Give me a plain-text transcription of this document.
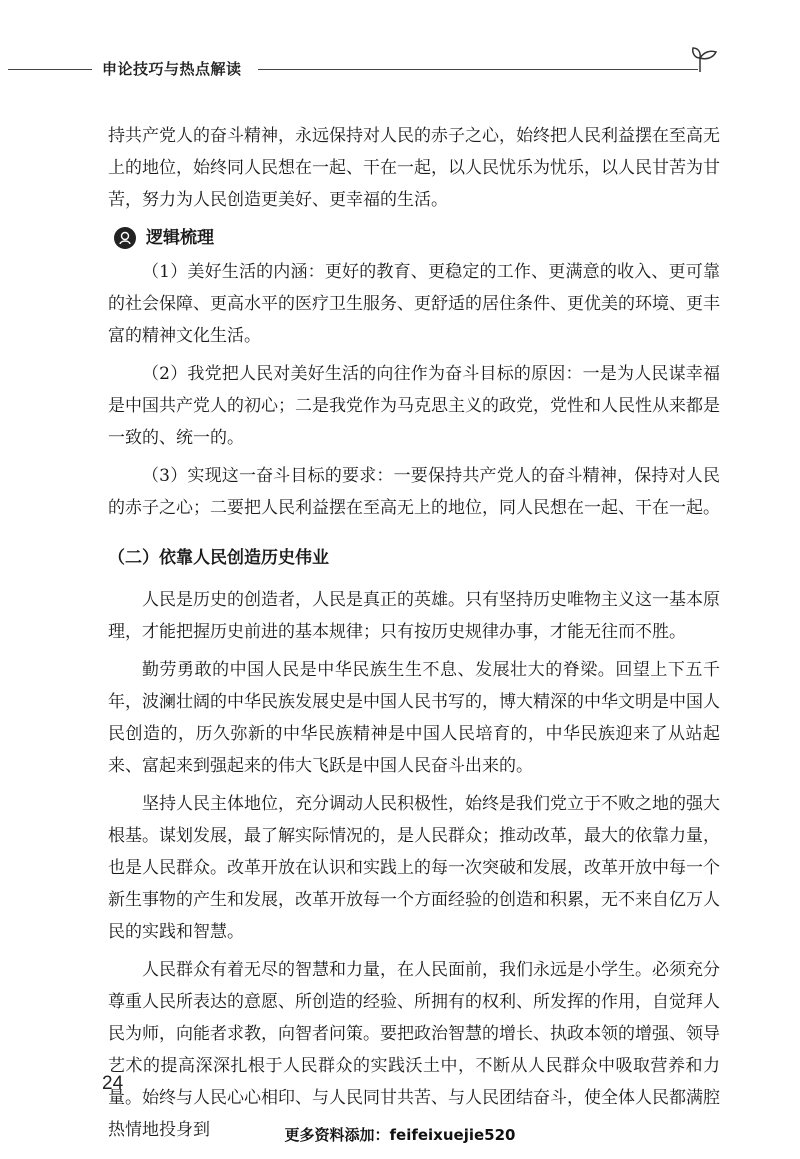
申论技巧与热点解读

持共产党人的奋斗精神，永远保持对人民的赤子之心，始终把人民利益摆在至高无上的地位，始终同人民想在一起、干在一起，以人民忧乐为忧乐，以人民甘苦为甘苦，努力为人民创造更美好、更幸福的生活。

逻辑梳理

（1）美好生活的内涵：更好的教育、更稳定的工作、更满意的收入、更可靠的社会保障、更高水平的医疗卫生服务、更舒适的居住条件、更优美的环境、更丰富的精神文化生活。

（2）我党把人民对美好生活的向往作为奋斗目标的原因：一是为人民谋幸福是中国共产党人的初心；二是我党作为马克思主义的政党，党性和人民性从来都是一致的、统一的。

（3）实现这一奋斗目标的要求：一要保持共产党人的奋斗精神，保持对人民的赤子之心；二要把人民利益摆在至高无上的地位，同人民想在一起、干在一起。

（二）依靠人民创造历史伟业

人民是历史的创造者，人民是真正的英雄。只有坚持历史唯物主义这一基本原理，才能把握历史前进的基本规律；只有按历史规律办事，才能无往而不胜。

勤劳勇敢的中国人民是中华民族生生不息、发展壮大的脊梁。回望上下五千年，波澜壮阔的中华民族发展史是中国人民书写的，博大精深的中华文明是中国人民创造的，历久弥新的中华民族精神是中国人民培育的，中华民族迎来了从站起来、富起来到强起来的伟大飞跃是中国人民奋斗出来的。

坚持人民主体地位，充分调动人民积极性，始终是我们党立于不败之地的强大根基。谋划发展，最了解实际情况的，是人民群众；推动改革，最大的依靠力量，也是人民群众。改革开放在认识和实践上的每一次突破和发展，改革开放中每一个新生事物的产生和发展，改革开放每一个方面经验的创造和积累，无不来自亿万人民的实践和智慧。

人民群众有着无尽的智慧和力量，在人民面前，我们永远是小学生。必须充分尊重人民所表达的意愿、所创造的经验、所拥有的权利、所发挥的作用，自觉拜人民为师，向能者求教，向智者问策。要把政治智慧的增长、执政本领的增强、领导艺术的提高深深扎根于人民群众的实践沃土中，不断从人民群众中吸取营养和力量。始终与人民心心相印、与人民同甘共苦、与人民团结奋斗，使全体人民都满腔热情地投身到

24
更多资料添加：feifeixuejie520
